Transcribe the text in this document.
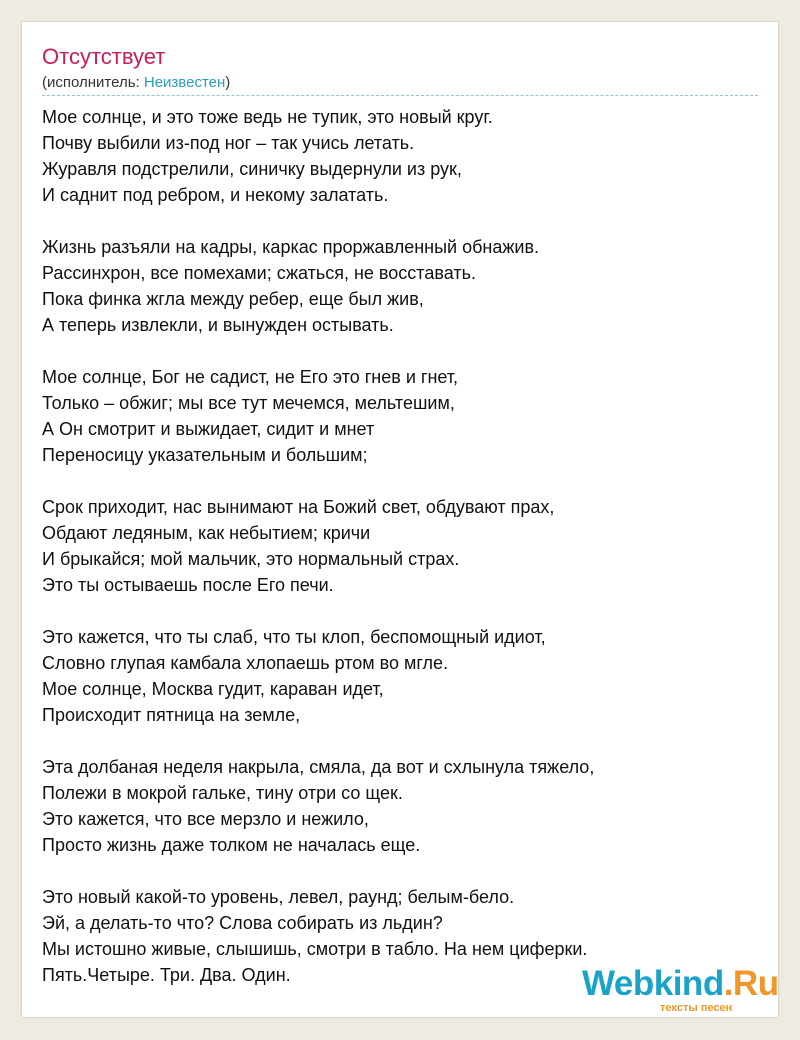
Отсутствует
(исполнитель: Неизвестен)
Мое солнце, и это тоже ведь не тупик, это новый круг.
Почву выбили из-под ног – так учись летать.
Журавля подстрелили, синичку выдернули из рук,
И саднит под ребром, и некому залатать.
Жизнь разъяли на кадры, каркас проржавленный обнажив.
Рассинхрон, все помехами; сжаться, не восставать.
Пока финка жгла между ребер, еще был жив,
А теперь извлекли, и вынужден остывать.
Мое солнце, Бог не садист, не Его это гнев и гнет,
Только – обжиг; мы все тут мечемся, мельтешим,
А Он смотрит и выжидает, сидит и мнет
Переносицу указательным и большим;
Срок приходит, нас вынимают на Божий свет, обдувают прах,
Обдают ледяным, как небытием; кричи
И брыкайся; мой мальчик, это нормальный страх.
Это ты остываешь после Его печи.
Это кажется, что ты слаб, что ты клоп, беспомощный идиот,
Словно глупая камбала хлопаешь ртом во мгле.
Мое солнце, Москва гудит, караван идет,
Происходит пятница на земле,
Эта долбаная неделя накрыла, смяла, да вот и схлынула тяжело,
Полежи в мокрой гальке, тину отри со щек.
Это кажется, что все мерзло и нежило,
Просто жизнь даже толком не началась еще.
Это новый какой-то уровень, левел, раунд; белым-бело.
Эй, а делать-то что? Слова собирать из льдин?
Мы истошно живые, слышишь, смотри в табло. На нем циферки.
Пять.Четыре. Три. Два. Один.	Webkind.Ru
тексты песен
